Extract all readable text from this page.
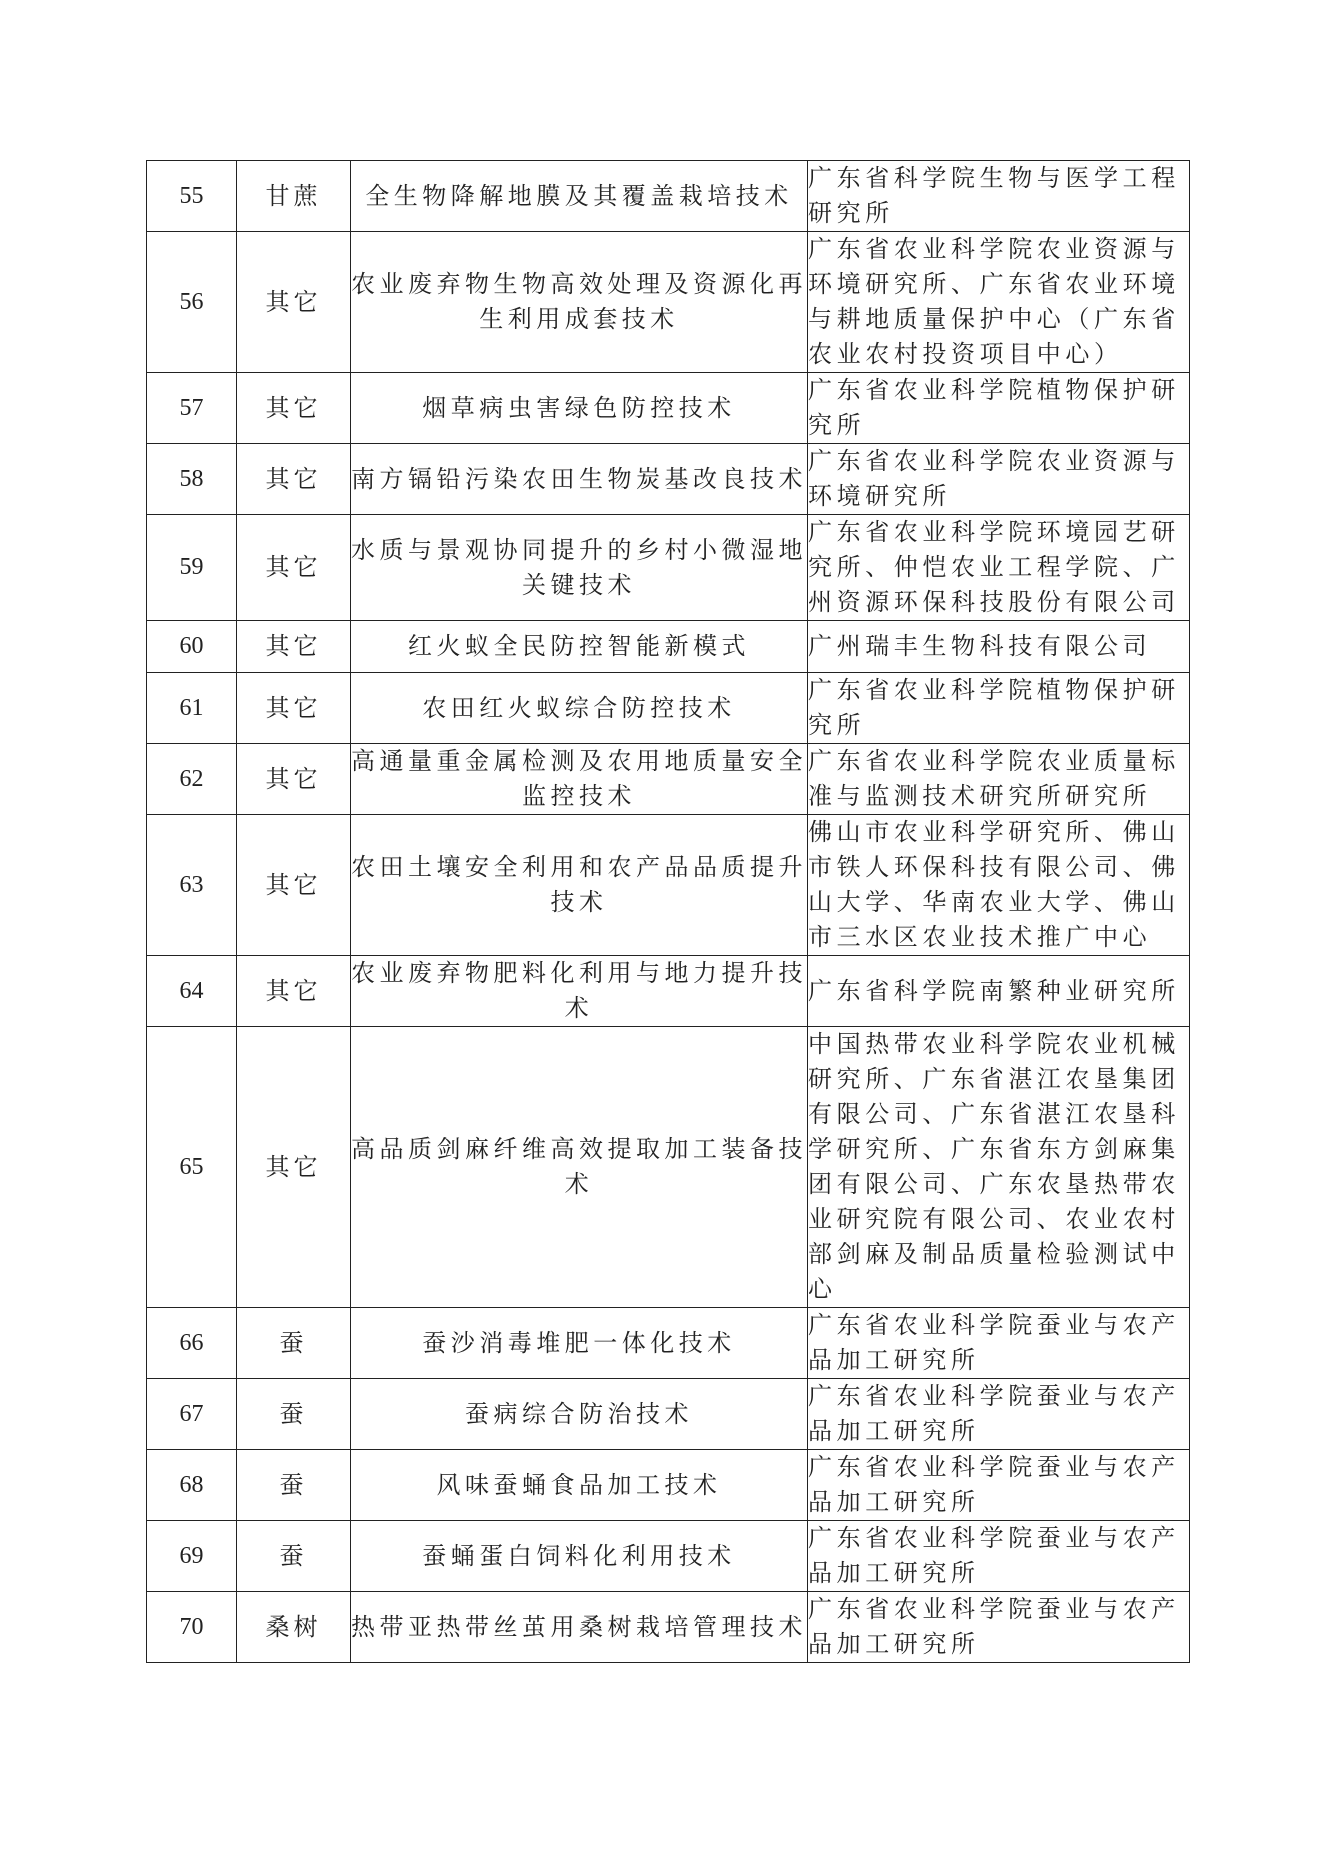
55	甘蔗	全生物降解地膜及其覆盖栽培技术	广东省科学院生物与医学工程研究所
56	其它	农业废弃物生物高效处理及资源化再生利用成套技术	广东省农业科学院农业资源与环境研究所、广东省农业环境与耕地质量保护中心（广东省农业农村投资项目中心）
57	其它	烟草病虫害绿色防控技术	广东省农业科学院植物保护研究所
58	其它	南方镉铅污染农田生物炭基改良技术	广东省农业科学院农业资源与环境研究所
59	其它	水质与景观协同提升的乡村小微湿地关键技术	广东省农业科学院环境园艺研究所、仲恺农业工程学院、广州资源环保科技股份有限公司
60	其它	红火蚁全民防控智能新模式	广州瑞丰生物科技有限公司
61	其它	农田红火蚁综合防控技术	广东省农业科学院植物保护研究所
62	其它	高通量重金属检测及农用地质量安全监控技术	广东省农业科学院农业质量标准与监测技术研究所研究所
63	其它	农田土壤安全利用和农产品品质提升技术	佛山市农业科学研究所、佛山市铁人环保科技有限公司、佛山大学、华南农业大学、佛山市三水区农业技术推广中心
64	其它	农业废弃物肥料化利用与地力提升技术	广东省科学院南繁种业研究所
65	其它	高品质剑麻纤维高效提取加工装备技术	中国热带农业科学院农业机械研究所、广东省湛江农垦集团有限公司、广东省湛江农垦科学研究所、广东省东方剑麻集团有限公司、广东农垦热带农业研究院有限公司、农业农村部剑麻及制品质量检验测试中心
66	蚕	蚕沙消毒堆肥一体化技术	广东省农业科学院蚕业与农产品加工研究所
67	蚕	蚕病综合防治技术	广东省农业科学院蚕业与农产品加工研究所
68	蚕	风味蚕蛹食品加工技术	广东省农业科学院蚕业与农产品加工研究所
69	蚕	蚕蛹蛋白饲料化利用技术	广东省农业科学院蚕业与农产品加工研究所
70	桑树	热带亚热带丝茧用桑树栽培管理技术	广东省农业科学院蚕业与农产品加工研究所
